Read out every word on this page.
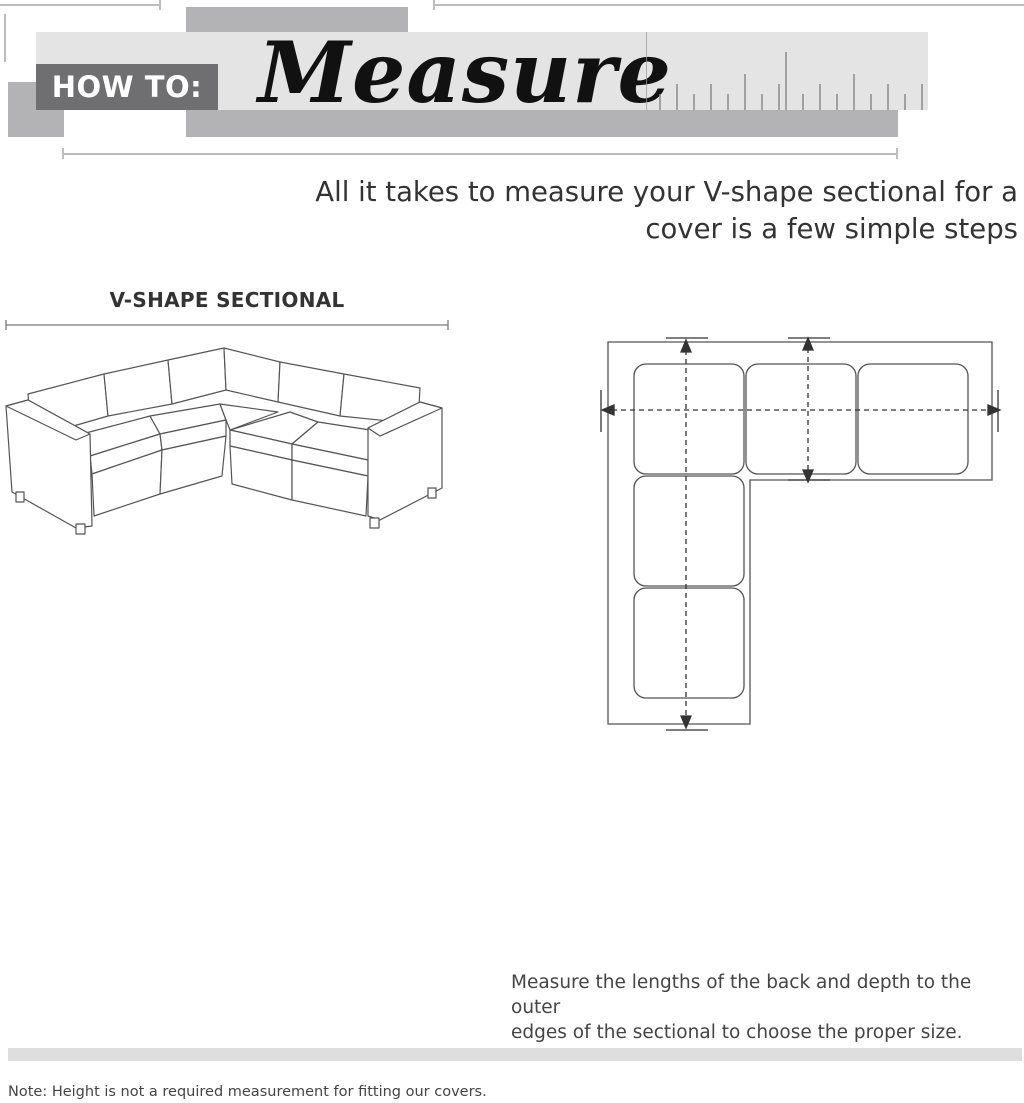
HOW TO: Measure
All it takes to measure your V-shape sectional for a
cover is a few simple steps
V-SHAPE SECTIONAL
Measure the lengths of the back and depth to the outer
edges of the sectional to choose the proper size.
Note: Height is not a required measurement for fitting our covers.
